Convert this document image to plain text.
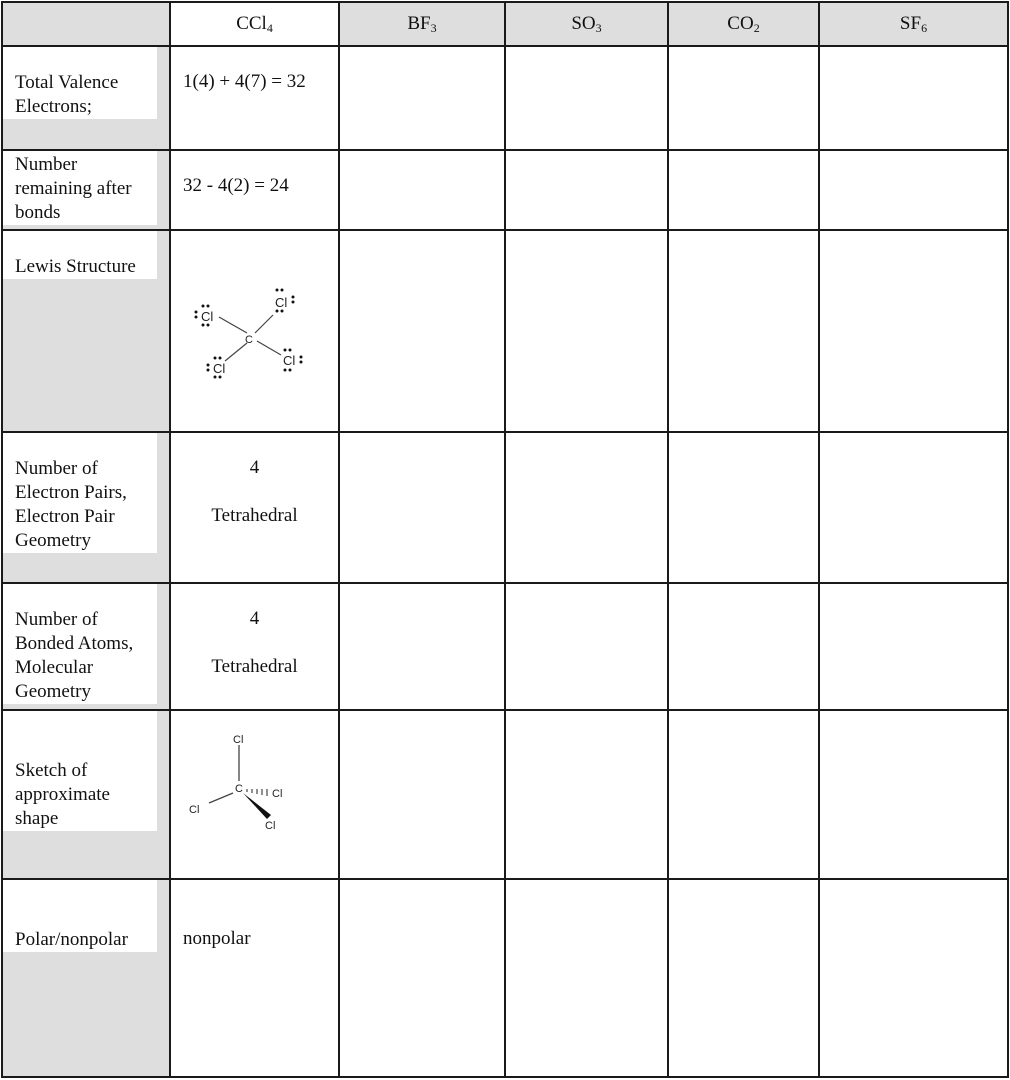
	CCl$_4$	$BF_3$	$SO_3$	$CO_2$	$SF_6$

Total Valence
Electrons;	1(4) + 4(7) = 32				

Number
remaining after
bonds	32 - 4(2) = 24				

Lewis Structure	C
Cl
Cl
Cl
Cl				

Number of
Electron Pairs,
Electron Pair
Geometry	4
Tetrahedral				

Number of
Bonded Atoms,
Molecular
Geometry	4
Tetrahedral				

Sketch of
approximate
shape	Cl
C Cl
Cl
Cl				

Polar/nonpolar	nonpolar				
